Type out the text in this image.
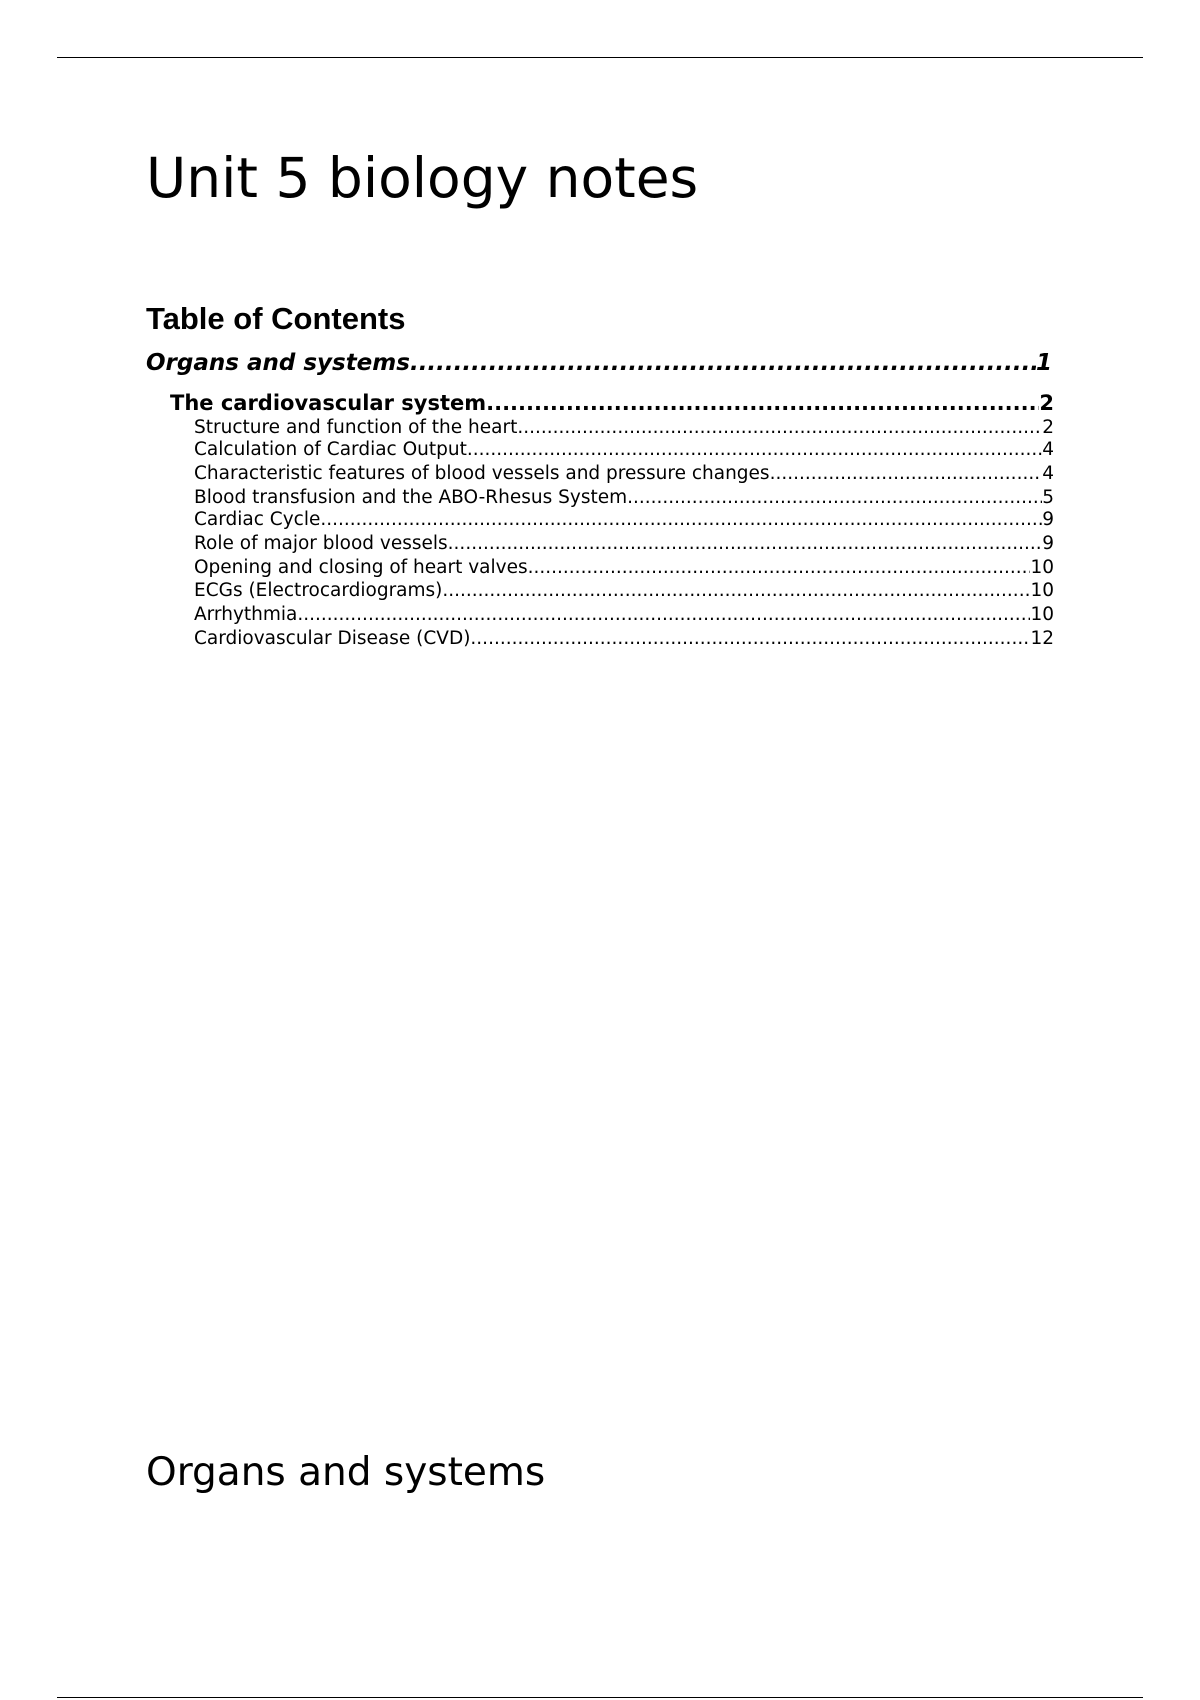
Unit 5 biology notes
Table of Contents
Organs and systems .....	1
The cardiovascular system .....	2
Structure and function of the heart .....	2
Calculation of Cardiac Output .....	4
Characteristic features of blood vessels and pressure changes .....	4
Blood transfusion and the ABO-Rhesus System .....	5
Cardiac Cycle .....	9
Role of major blood vessels .....	9
Opening and closing of heart valves .....	10
ECGs (Electrocardiograms) .....	10
Arrhythmia .....	10
Cardiovascular Disease (CVD) .....	12
Organs and systems
